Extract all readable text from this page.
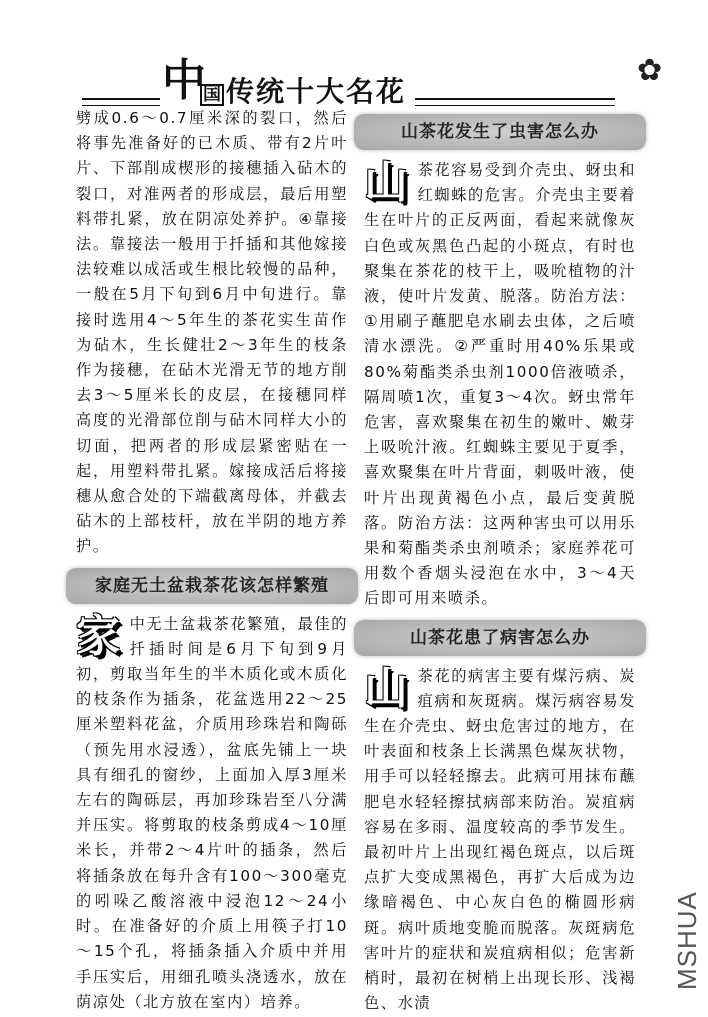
中 国 传统十大名花
✿

劈成0.6～0.7厘米深的裂口，然后将事先准备好的已木质、带有2片叶片、下部削成楔形的接穗插入砧木的裂口，对准两者的形成层，最后用塑料带扎紧，放在阴凉处养护。④靠接法。靠接法一般用于扦插和其他嫁接法较难以成活或生根比较慢的品种，一般在5月下旬到6月中旬进行。靠接时选用4～5年生的茶花实生苗作为砧木，生长健壮2～3年生的枝条作为接穗，在砧木光滑无节的地方削去3～5厘米长的皮层，在接穗同样高度的光滑部位削与砧木同样大小的切面，把两者的形成层紧密贴在一起，用塑料带扎紧。嫁接成活后将接穗从愈合处的下端截离母体，并截去砧木的上部枝杆，放在半阴的地方养护。

家庭无土盆栽茶花该怎样繁殖

家 中无土盆栽茶花繁殖，最佳的扦插时间是6月下旬到9月初，剪取当年生的半木质化或木质化的枝条作为插条，花盆选用22～25厘米塑料花盆，介质用珍珠岩和陶砾（预先用水浸透），盆底先铺上一块具有细孔的窗纱，上面加入厚3厘米左右的陶砾层，再加珍珠岩至八分满并压实。将剪取的枝条剪成4～10厘米长，并带2～4片叶的插条，然后将插条放在每升含有100～300毫克的吲哚乙酸溶液中浸泡12～24小时。在准备好的介质上用筷子打10～15个孔，将插条插入介质中并用手压实后，用细孔喷头浇透水，放在荫凉处（北方放在室内）培养。

山茶花发生了虫害怎么办

山 茶花容易受到介壳虫、蚜虫和红蜘蛛的危害。介壳虫主要着生在叶片的正反两面，看起来就像灰白色或灰黑色凸起的小斑点，有时也聚集在茶花的枝干上，吸吮植物的汁液，使叶片发黄、脱落。防治方法：①用刷子蘸肥皂水刷去虫体，之后喷清水漂洗。②严重时用40%乐果或80%菊酯类杀虫剂1000倍液喷杀，隔周喷1次，重复3～4次。蚜虫常年危害，喜欢聚集在初生的嫩叶、嫩芽上吸吮汁液。红蜘蛛主要见于夏季，喜欢聚集在叶片背面，刺吸叶液，使叶片出现黄褐色小点，最后变黄脱落。防治方法：这两种害虫可以用乐果和菊酯类杀虫剂喷杀；家庭养花可用数个香烟头浸泡在水中，3～4天后即可用来喷杀。

山茶花患了病害怎么办

山 茶花的病害主要有煤污病、炭疽病和灰斑病。煤污病容易发生在介壳虫、蚜虫危害过的地方，在叶表面和枝条上长满黑色煤灰状物，用手可以轻轻擦去。此病可用抹布蘸肥皂水轻轻擦拭病部来防治。炭疽病容易在多雨、温度较高的季节发生。最初叶片上出现红褐色斑点，以后斑点扩大变成黑褐色，再扩大后成为边缘暗褐色、中心灰白色的椭圆形病斑。病叶质地变脆而脱落。灰斑病危害叶片的症状和炭疽病相似；危害新梢时，最初在树梢上出现长形、浅褐色、水渍

MSHUA
